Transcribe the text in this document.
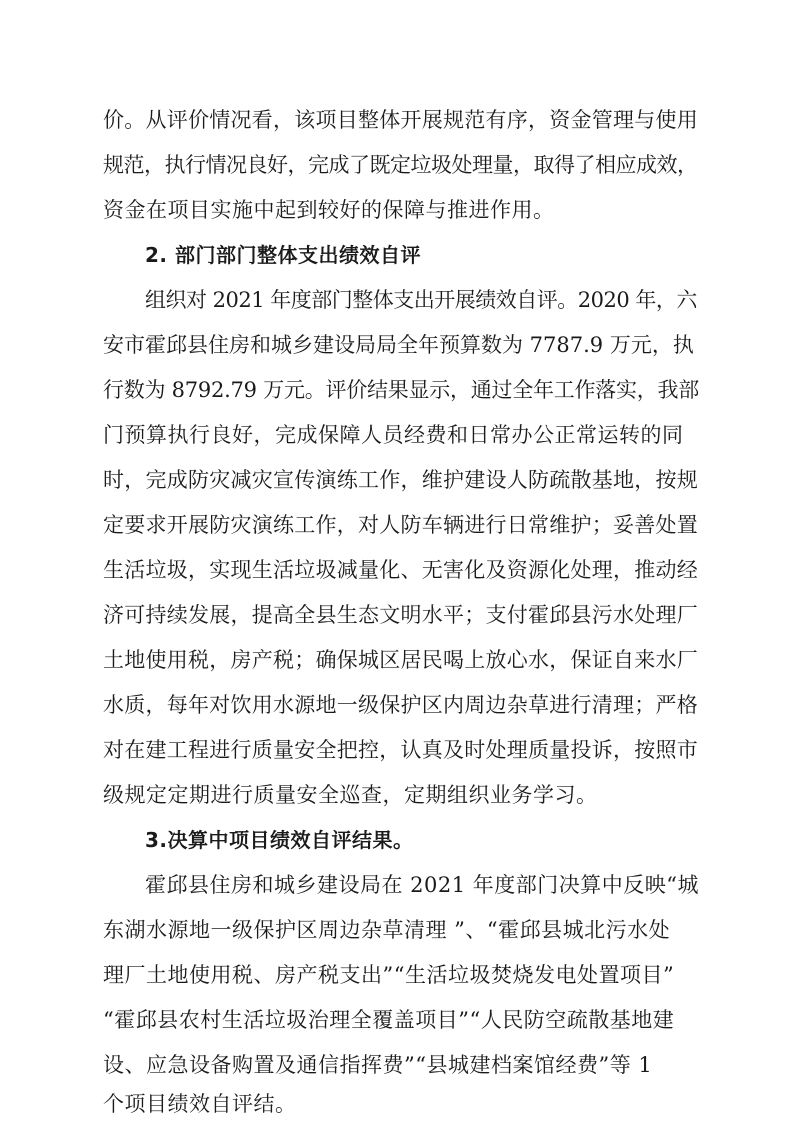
价。从评价情况看，该项目整体开展规范有序，资金管理与使用
规范，执行情况良好，完成了既定垃圾处理量，取得了相应成效，
资金在项目实施中起到较好的保障与推进作用。
2. 部门部门整体支出绩效自评
组织对 2021 年度部门整体支出开展绩效自评。2020 年，六
安市霍邱县住房和城乡建设局局全年预算数为 7787.9 万元，执
行数为 8792.79 万元。评价结果显示，通过全年工作落实，我部
门预算执行良好，完成保障人员经费和日常办公正常运转的同
时，完成防灾减灾宣传演练工作，维护建设人防疏散基地，按规
定要求开展防灾演练工作，对人防车辆进行日常维护；妥善处置
生活垃圾，实现生活垃圾减量化、无害化及资源化处理，推动经
济可持续发展，提高全县生态文明水平；支付霍邱县污水处理厂
土地使用税，房产税；确保城区居民喝上放心水，保证自来水厂
水质，每年对饮用水源地一级保护区内周边杂草进行清理；严格
对在建工程进行质量安全把控，认真及时处理质量投诉，按照市
级规定定期进行质量安全巡查，定期组织业务学习。
3.决算中项目绩效自评结果。
霍邱县住房和城乡建设局在 2021 年度部门决算中反映“城
东湖水源地一级保护区周边杂草清理 ”、“霍邱县城北污水处
理厂土地使用税、房产税支出”“生活垃圾焚烧发电处置项目”
“霍邱县农村生活垃圾治理全覆盖项目”“人民防空疏散基地建
设、应急设备购置及通信指挥费”“县城建档案馆经费”等 1
个项目绩效自评结。
